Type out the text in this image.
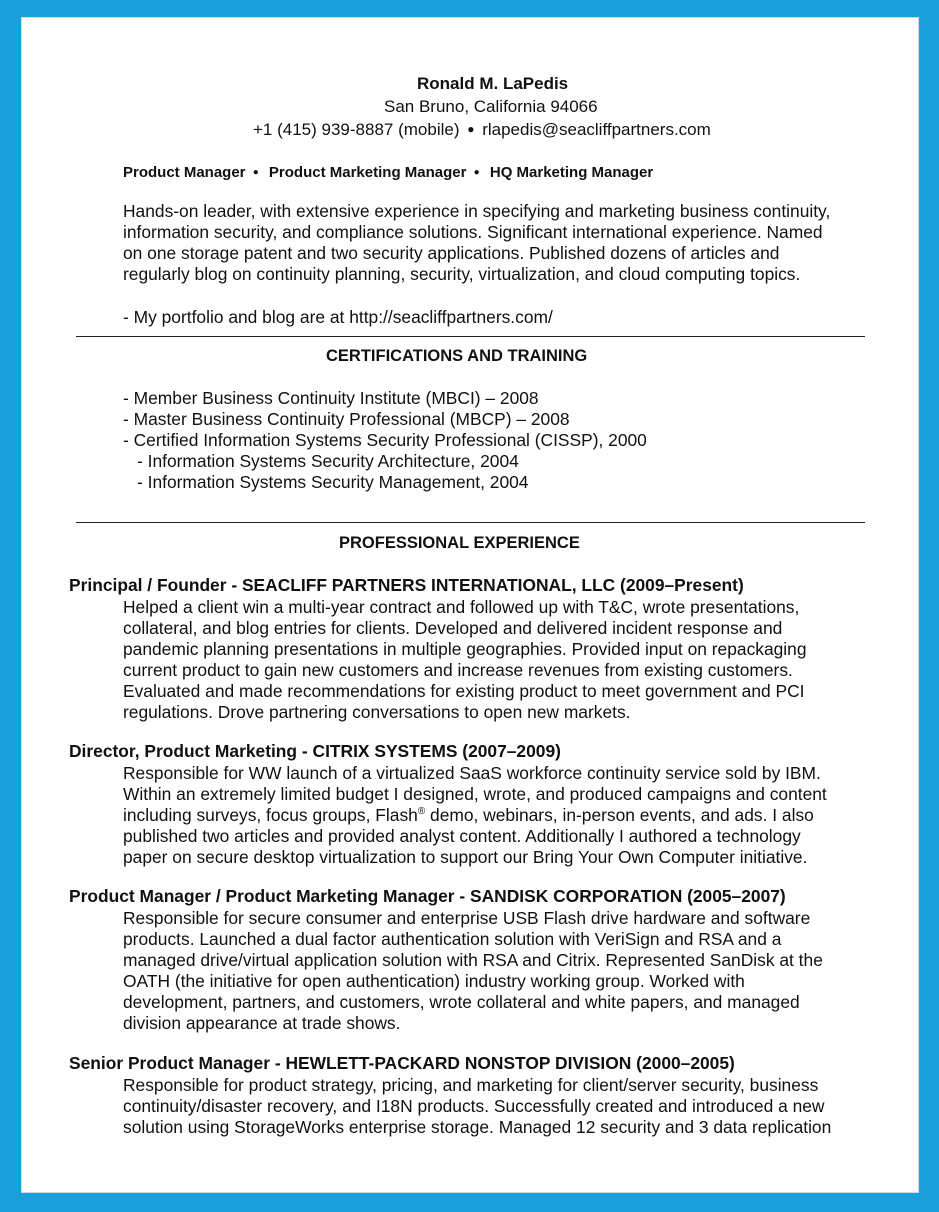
Ronald M. LaPedis
San Bruno, California 94066
+1 (415) 939-8887 (mobile) ● rlapedis@seacliffpartners.com
Product Manager ● Product Marketing Manager ● HQ Marketing Manager
Hands-on leader, with extensive experience in specifying and marketing business continuity,
information security, and compliance solutions. Significant international experience. Named
on one storage patent and two security applications. Published dozens of articles and
regularly blog on continuity planning, security, virtualization, and cloud computing topics.
- My portfolio and blog are at http://seacliffpartners.com/
CERTIFICATIONS AND TRAINING
- Member Business Continuity Institute (MBCI) – 2008
- Master Business Continuity Professional (MBCP) – 2008
- Certified Information Systems Security Professional (CISSP), 2000
- Information Systems Security Architecture, 2004
- Information Systems Security Management, 2004
PROFESSIONAL EXPERIENCE
Principal / Founder - SEACLIFF PARTNERS INTERNATIONAL, LLC (2009–Present)
Helped a client win a multi-year contract and followed up with T&C, wrote presentations,
collateral, and blog entries for clients. Developed and delivered incident response and
pandemic planning presentations in multiple geographies. Provided input on repackaging
current product to gain new customers and increase revenues from existing customers.
Evaluated and made recommendations for existing product to meet government and PCI
regulations. Drove partnering conversations to open new markets.
Director, Product Marketing - CITRIX SYSTEMS (2007–2009)
Responsible for WW launch of a virtualized SaaS workforce continuity service sold by IBM.
Within an extremely limited budget I designed, wrote, and produced campaigns and content
including surveys, focus groups, Flash® demo, webinars, in-person events, and ads. I also
published two articles and provided analyst content. Additionally I authored a technology
paper on secure desktop virtualization to support our Bring Your Own Computer initiative.
Product Manager / Product Marketing Manager - SANDISK CORPORATION (2005–2007)
Responsible for secure consumer and enterprise USB Flash drive hardware and software
products. Launched a dual factor authentication solution with VeriSign and RSA and a
managed drive/virtual application solution with RSA and Citrix. Represented SanDisk at the
OATH (the initiative for open authentication) industry working group. Worked with
development, partners, and customers, wrote collateral and white papers, and managed
division appearance at trade shows.
Senior Product Manager - HEWLETT-PACKARD NONSTOP DIVISION (2000–2005)
Responsible for product strategy, pricing, and marketing for client/server security, business
continuity/disaster recovery, and I18N products. Successfully created and introduced a new
solution using StorageWorks enterprise storage. Managed 12 security and 3 data replication
